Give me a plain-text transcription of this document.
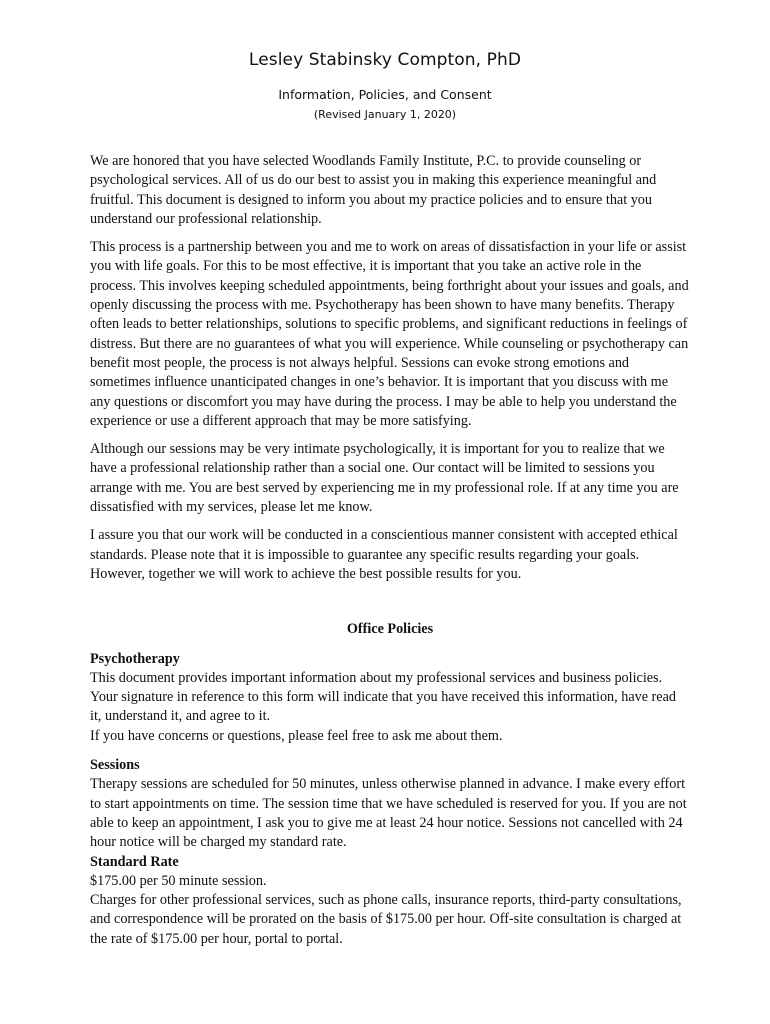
Lesley Stabinsky Compton, PhD
Information, Policies, and Consent
(Revised January 1, 2020)

We are honored that you have selected Woodlands Family Institute, P.C. to provide counseling or psychological services. All of us do our best to assist you in making this experience meaningful and fruitful. This document is designed to inform you about my practice policies and to ensure that you understand our professional relationship.

This process is a partnership between you and me to work on areas of dissatisfaction in your life or assist you with life goals. For this to be most effective, it is important that you take an active role in the process. This involves keeping scheduled appointments, being forthright about your issues and goals, and openly discussing the process with me. Psychotherapy has been shown to have many benefits. Therapy often leads to better relationships, solutions to specific problems, and significant reductions in feelings of distress. But there are no guarantees of what you will experience. While counseling or psychotherapy can benefit most people, the process is not always helpful. Sessions can evoke strong emotions and sometimes influence unanticipated changes in one’s behavior. It is important that you discuss with me any questions or discomfort you may have during the process. I may be able to help you understand the experience or use a different approach that may be more satisfying.

Although our sessions may be very intimate psychologically, it is important for you to realize that we have a professional relationship rather than a social one. Our contact will be limited to sessions you arrange with me. You are best served by experiencing me in my professional role. If at any time you are dissatisfied with my services, please let me know.

I assure you that our work will be conducted in a conscientious manner consistent with accepted ethical standards. Please note that it is impossible to guarantee any specific results regarding your goals. However, together we will work to achieve the best possible results for you.

Office Policies
Psychotherapy
This document provides important information about my professional services and business policies. Your signature in reference to this form will indicate that you have received this information, have read it, understand it, and agree to it.
If you have concerns or questions, please feel free to ask me about them.
Sessions
Therapy sessions are scheduled for 50 minutes, unless otherwise planned in advance. I make every effort to start appointments on time. The session time that we have scheduled is reserved for you. If you are not able to keep an appointment, I ask you to give me at least 24 hour notice. Sessions not cancelled with 24 hour notice will be charged my standard rate.
Standard Rate
$175.00 per 50 minute session.
Charges for other professional services, such as phone calls, insurance reports, third-party consultations, and correspondence will be prorated on the basis of $175.00 per hour. Off-site consultation is charged at the rate of $175.00 per hour, portal to portal.
